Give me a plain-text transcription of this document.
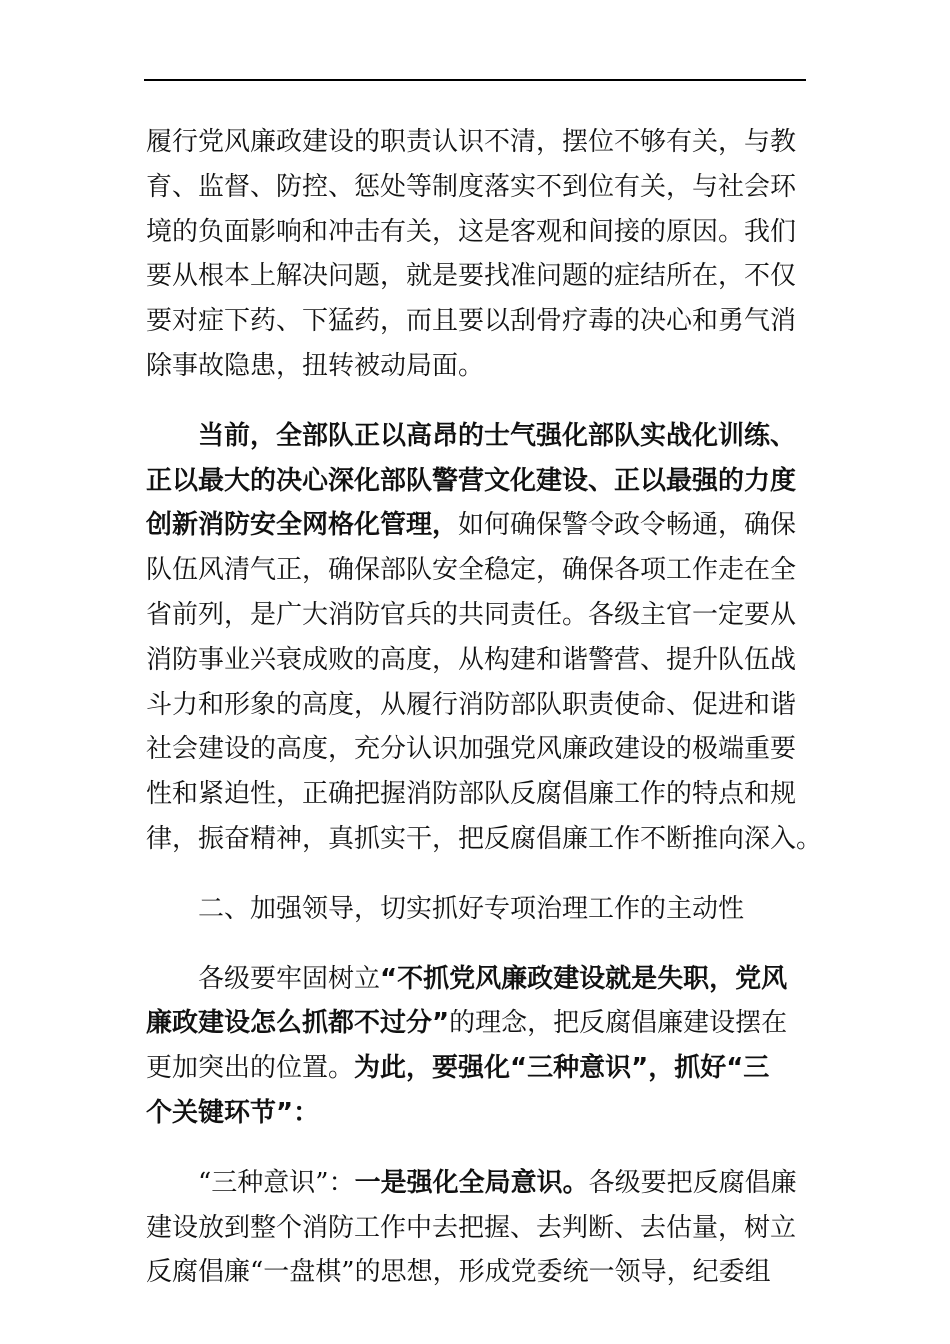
履行党风廉政建设的职责认识不清，摆位不够有关，与教
育、监督、防控、惩处等制度落实不到位有关，与社会环
境的负面影响和冲击有关，这是客观和间接的原因。我们
要从根本上解决问题，就是要找准问题的症结所在，不仅
要对症下药、下猛药，而且要以刮骨疗毒的决心和勇气消
除事故隐患，扭转被动局面。
当前，全部队正以高昂的士气强化部队实战化训练、
正以最大的决心深化部队警营文化建设、正以最强的力度
创新消防安全网格化管理，如何确保警令政令畅通，确保
队伍风清气正，确保部队安全稳定，确保各项工作走在全
省前列，是广大消防官兵的共同责任。各级主官一定要从
消防事业兴衰成败的高度，从构建和谐警营、提升队伍战
斗力和形象的高度，从履行消防部队职责使命、促进和谐
社会建设的高度，充分认识加强党风廉政建设的极端重要
性和紧迫性，正确把握消防部队反腐倡廉工作的特点和规
律，振奋精神，真抓实干，把反腐倡廉工作不断推向深入。
二、加强领导，切实抓好专项治理工作的主动性
各级要牢固树立“不抓党风廉政建设就是失职，党风
廉政建设怎么抓都不过分”的理念，把反腐倡廉建设摆在
更加突出的位置。为此，要强化“三种意识”，抓好“三
个关键环节”：
“三种意识”：一是强化全局意识。各级要把反腐倡廉
建设放到整个消防工作中去把握、去判断、去估量，树立
反腐倡廉“一盘棋”的思想，形成党委统一领导，纪委组
